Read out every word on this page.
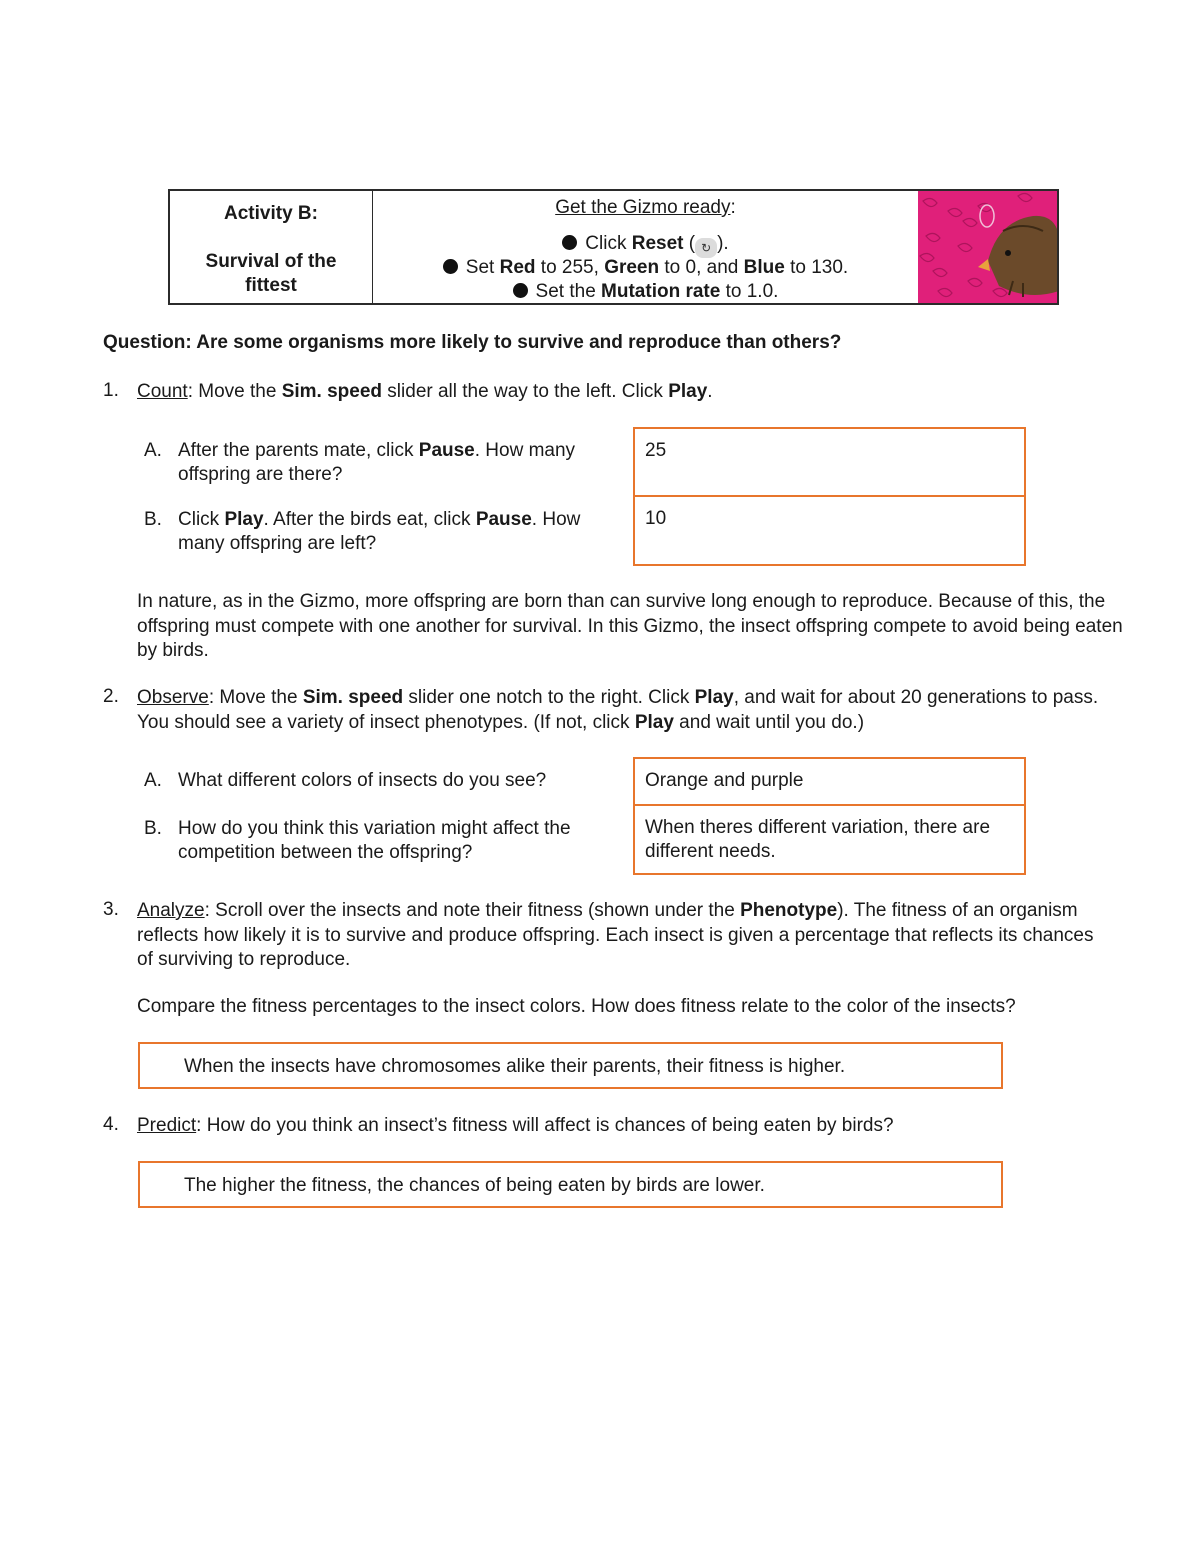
Activity B:
Survival of the fittest
Get the Gizmo ready:
Click Reset ( ↻ ).
Set Red to 255, Green to 0, and Blue to 130.
Set the Mutation rate to 1.0.
Question: Are some organisms more likely to survive and reproduce than others?
1. Count: Move the Sim. speed slider all the way to the left. Click Play.
A. After the parents mate, click Pause. How many offspring are there?
25
B. Click Play. After the birds eat, click Pause. How many offspring are left?
10
In nature, as in the Gizmo, more offspring are born than can survive long enough to reproduce. Because of this, the offspring must compete with one another for survival. In this Gizmo, the insect offspring compete to avoid being eaten by birds.
2. Observe: Move the Sim. speed slider one notch to the right. Click Play, and wait for about 20 generations to pass. You should see a variety of insect phenotypes. (If not, click Play and wait until you do.)
A. What different colors of insects do you see?	Orange and purple
B. How do you think this variation might affect the competition between the offspring?
When theres different variation, there are different needs.
3. Analyze: Scroll over the insects and note their fitness (shown under the Phenotype). The fitness of an organism reflects how likely it is to survive and produce offspring. Each insect is given a percentage that reflects its chances of surviving to reproduce.
Compare the fitness percentages to the insect colors. How does fitness relate to the color of the insects?
When the insects have chromosomes alike their parents, their fitness is higher.
4. Predict: How do you think an insect’s fitness will affect is chances of being eaten by birds?
The higher the fitness, the chances of being eaten by birds are lower.
